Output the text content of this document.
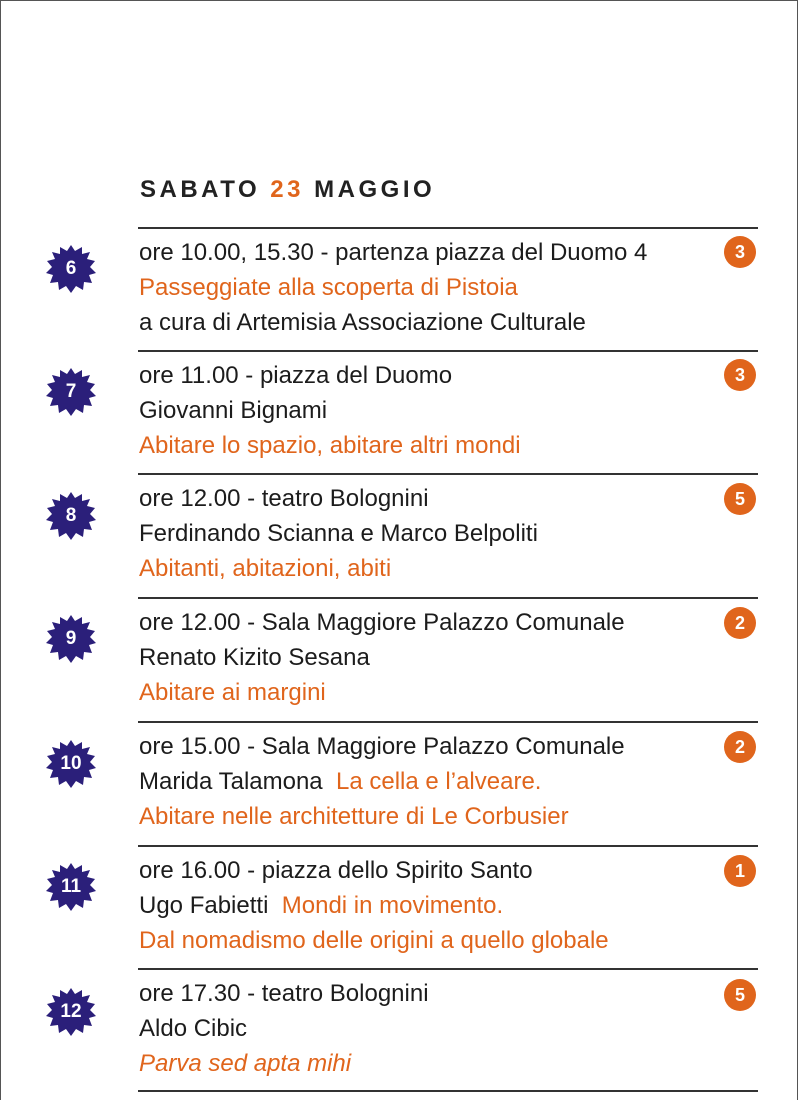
SABATO 23 MAGGIO
6
ore 10.00, 15.30 - partenza piazza del Duomo 4
Passeggiate alla scoperta di Pistoia
a cura di Artemisia Associazione Culturale
3
7
ore 11.00 - piazza del Duomo
Giovanni Bignami
Abitare lo spazio, abitare altri mondi
3
8
ore 12.00 - teatro Bolognini
Ferdinando Scianna e Marco Belpoliti
Abitanti, abitazioni, abiti
5
9
ore 12.00 - Sala Maggiore Palazzo Comunale
Renato Kizito Sesana
Abitare ai margini
2
10
ore 15.00 - Sala Maggiore Palazzo Comunale
Marida Talamona La cella e l’alveare.
Abitare nelle architetture di Le Corbusier
2
11
ore 16.00 - piazza dello Spirito Santo
Ugo Fabietti Mondi in movimento.
Dal nomadismo delle origini a quello globale
1
12
ore 17.30 - teatro Bolognini
Aldo Cibic
Parva sed apta mihi
5
